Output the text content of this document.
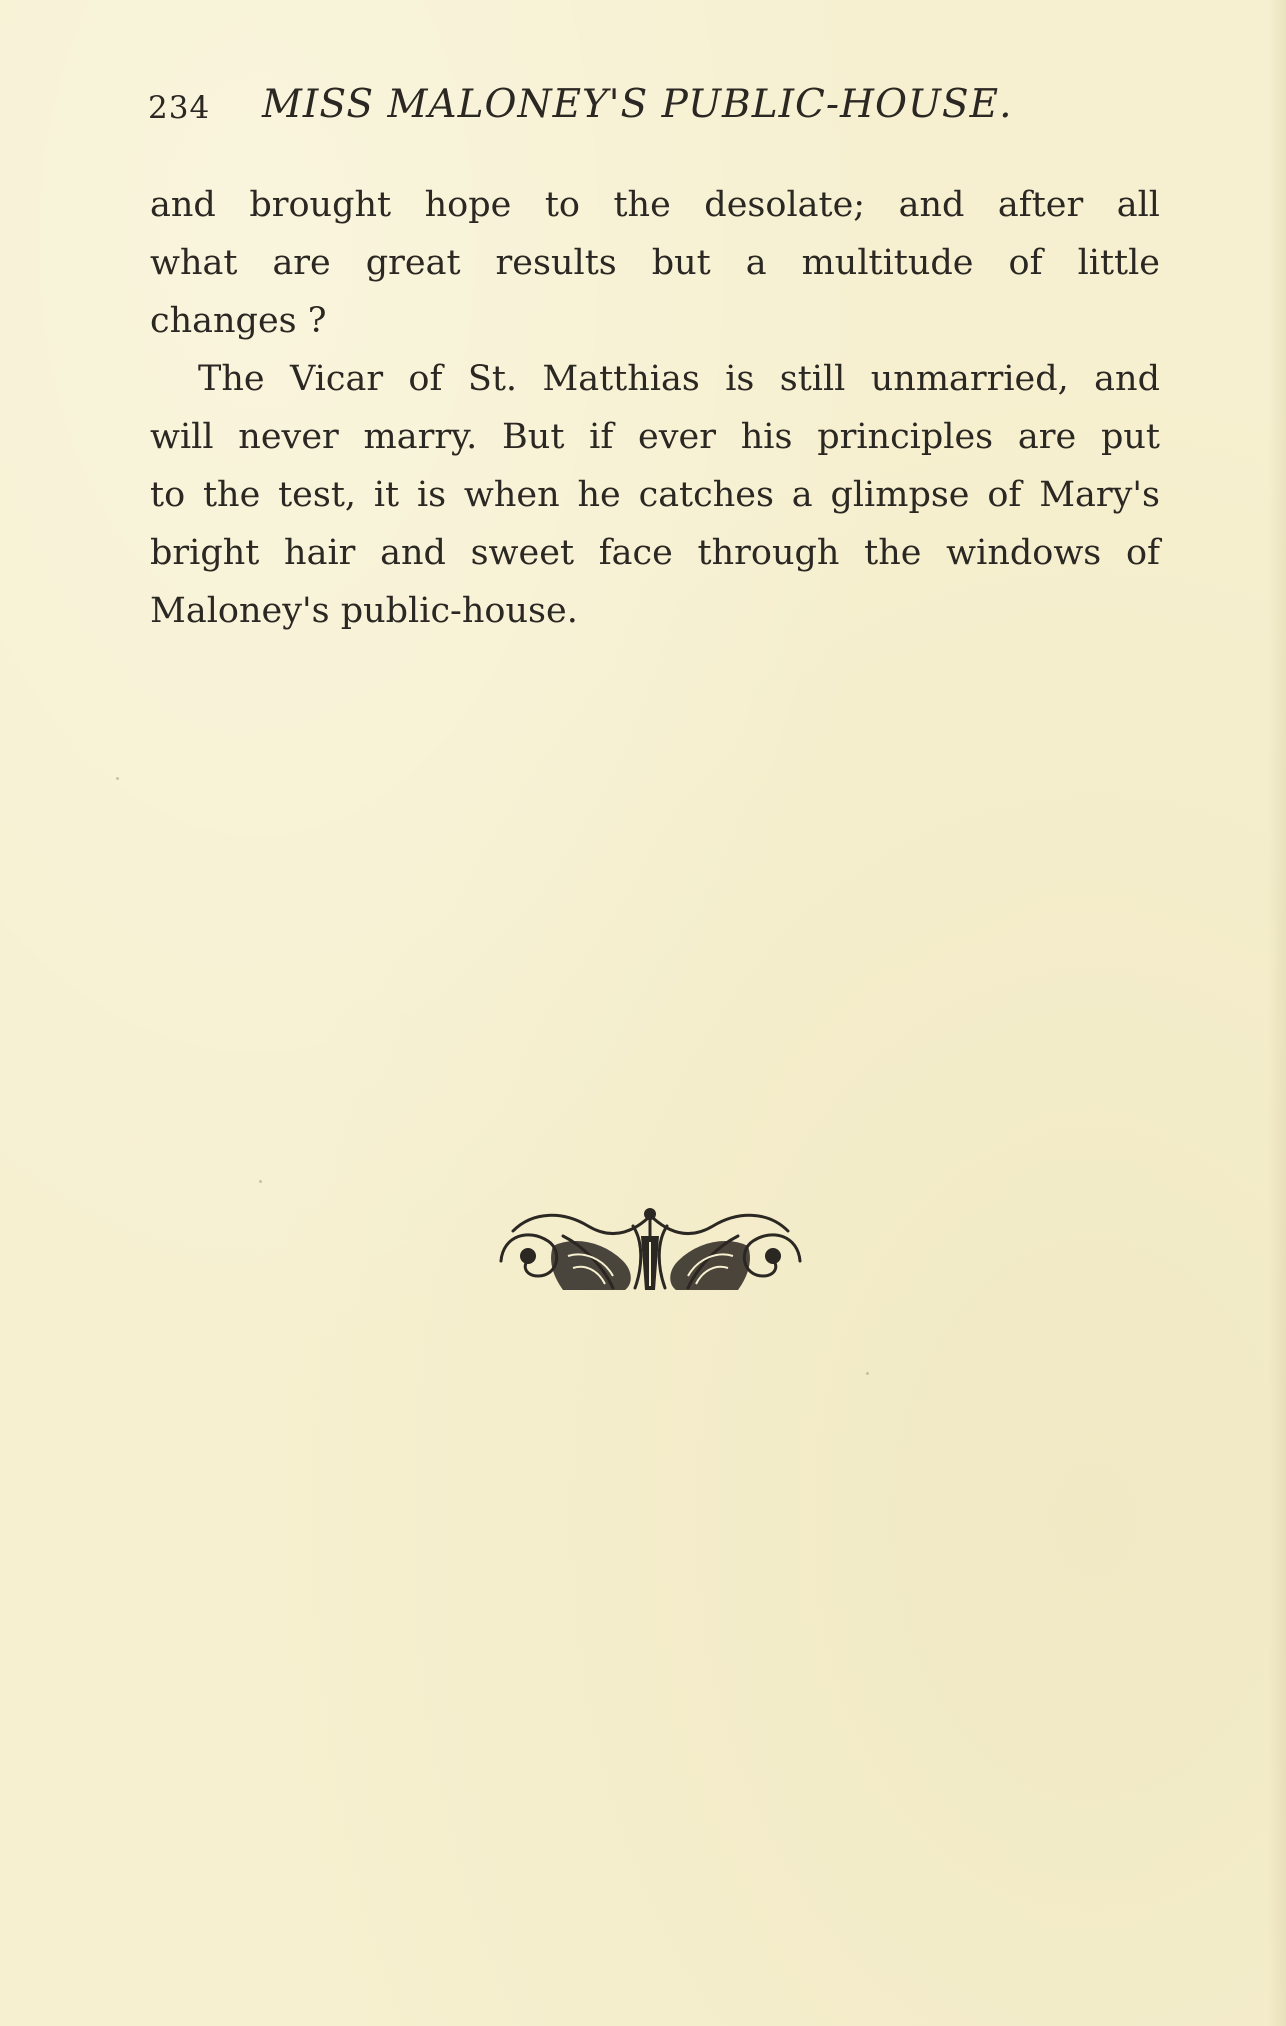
234 MISS MALONEY'S PUBLIC-HOUSE.
and brought hope to the desolate; and after all
what are great results but a multitude of little
changes ?
The Vicar of St. Matthias is still unmarried, and
will never marry. But if ever his principles are put
to the test, it is when he catches a glimpse of Mary's
bright hair and sweet face through the windows of
Maloney's public-house.
